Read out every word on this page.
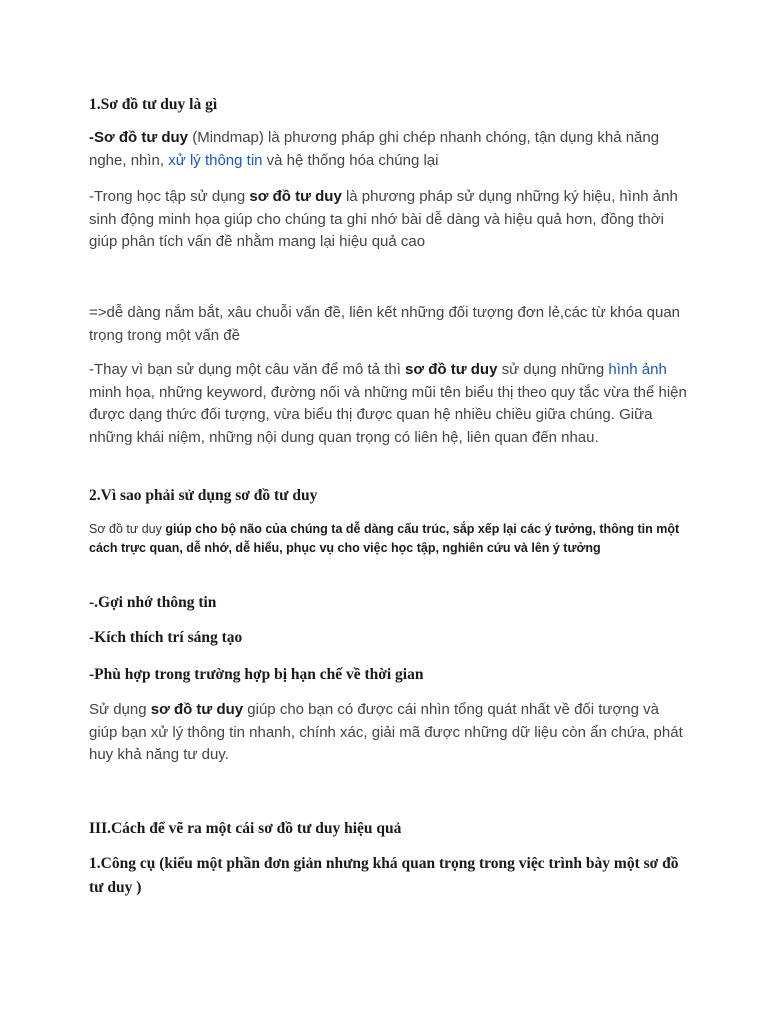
1.Sơ đồ tư duy là gì

-Sơ đồ tư duy (Mindmap) là phương pháp ghi chép nhanh chóng, tận dụng khả năng nghe, nhìn, xử lý thông tin và hệ thống hóa chúng lại

-Trong học tập sử dụng sơ đồ tư duy là phương pháp sử dụng những ký hiệu, hình ảnh sinh động minh họa giúp cho chúng ta ghi nhớ bài dễ dàng và hiệu quả hơn, đồng thời giúp phân tích vấn đề nhằm mang lại hiệu quả cao

=>dễ dàng nắm bắt, xâu chuỗi vấn đề, liên kết những đối tượng đơn lẻ,các từ khóa quan trọng trong một vấn đề

-Thay vì bạn sử dụng một câu văn để mô tả thì sơ đồ tư duy sử dụng những hình ảnh minh họa, những keyword, đường nối và những mũi tên biểu thị theo quy tắc vừa thể hiện được dạng thức đối tượng, vừa biểu thị được quan hệ nhiều chiều giữa chúng. Giữa những khái niệm, những nội dung quan trọng có liên hệ, liên quan đến nhau.

2.Vì sao phải sử dụng sơ đồ tư duy

Sơ đồ tư duy giúp cho bộ não của chúng ta dễ dàng cấu trúc, sắp xếp lại các ý tưởng, thông tin một cách trực quan, dễ nhớ, dễ hiểu, phục vụ cho việc học tập, nghiên cứu và lên ý tưởng

-.Gợi nhớ thông tin

-Kích thích trí sáng tạo

-Phù hợp trong trường hợp bị hạn chế về thời gian

Sử dụng sơ đồ tư duy giúp cho bạn có được cái nhìn tổng quát nhất về đối tượng và giúp bạn xử lý thông tin nhanh, chính xác, giải mã được những dữ liệu còn ẩn chứa, phát huy khả năng tư duy.

III.Cách để vẽ ra một cái sơ đồ tư duy hiệu quả
1.Công cụ (kiểu một phần đơn giản nhưng khá quan trọng trong việc trình bày một sơ đồ tư duy )
